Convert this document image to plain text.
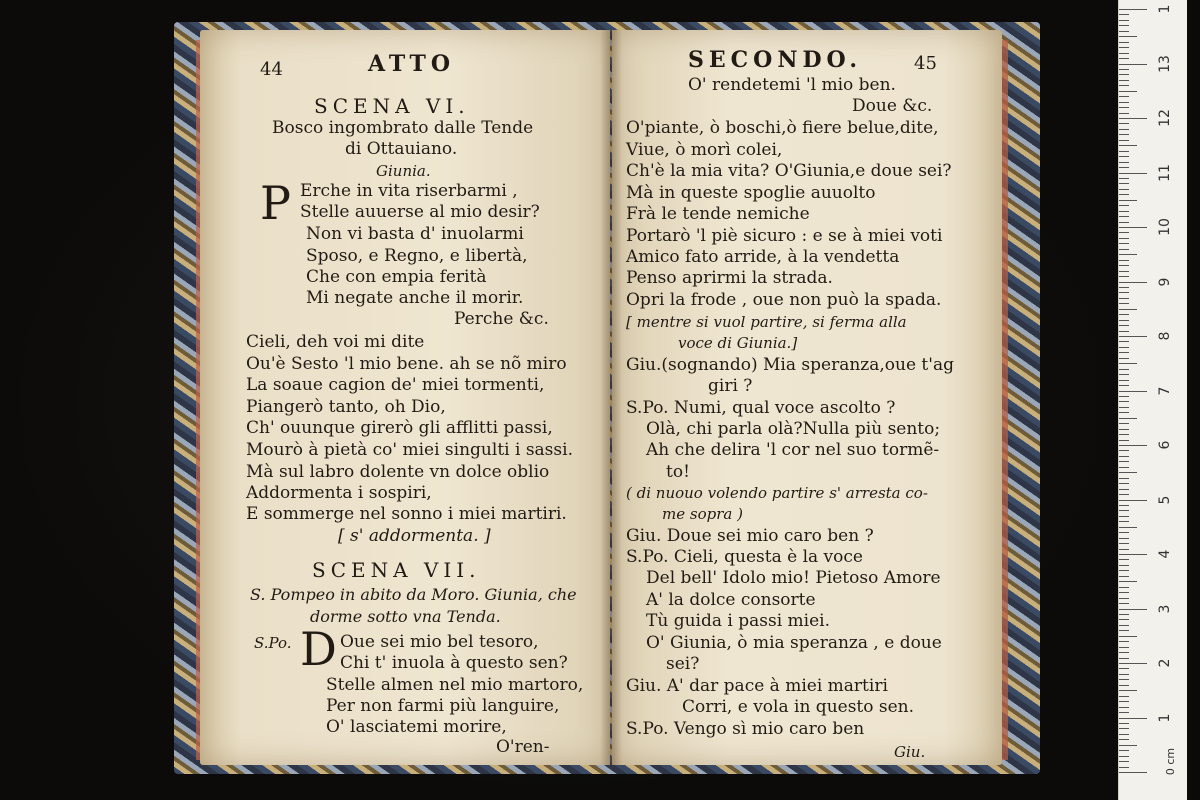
44	ATTO
SCENA VI.
Bosco ingombrato dalle Tende
di Ottauiano.
Giunia.
P Erche in vita riserbarmi ,
Stelle auuerse al mio desir?
Non vi basta d' inuolarmi
Sposo, e Regno, e libertà,
Che con empia ferità
Mi negate anche il morir.
Perche &c.
Cieli, deh voi mi dite
Ou'è Sesto 'l mio bene. ah se nõ miro
La soaue cagion de' miei tormenti,
Piangerò tanto, oh Dio,
Ch' ouunque girerò gli afflitti passi,
Mourò à pietà co' miei singulti i sassi.
Mà sul labro dolente vn dolce oblio
Addormenta i sospiri,
E sommerge nel sonno i miei martiri.
[ s' addormenta. ]
SCENA VII.
S. Pompeo in abito da Moro. Giunia, che
dorme sotto vna Tenda.
S.Po. D Oue sei mio bel tesoro,
Chi t' inuola à questo sen?
Stelle almen nel mio martoro,
Per non farmi più languire,
O' lasciatemi morire,
O'ren-
SECONDO.	45
O' rendetemi 'l mio ben.
Doue &c.
O'piante, ò boschi,ò fiere belue,dite,
Viue, ò morì colei,
Ch'è la mia vita? O'Giunia,e doue sei?
Mà in queste spoglie auuolto
Frà le tende nemiche
Portarò 'l piè sicuro : e se à miei voti
Amico fato arride, à la vendetta
Penso aprirmi la strada.
Opri la frode , oue non può la spada.
[ mentre si vuol partire, si ferma alla
voce di Giunia.]
Giu.(sognando) Mia speranza,oue t'ag
giri ?
S.Po. Numi, qual voce ascolto ?
Olà, chi parla olà?Nulla più sento;
Ah che delira 'l cor nel suo tormẽ-
to!
( di nuouo volendo partire s' arresta co-
me sopra )
Giu. Doue sei mio caro ben ?
S.Po. Cieli, questa è la voce
Del bell' Idolo mio! Pietoso Amore
A' la dolce consorte
Tù guida i passi miei.
O' Giunia, ò mia speranza , e doue
sei?
Giu. A' dar pace à miei martiri
Corri, e vola in questo sen.
S.Po. Vengo sì mio caro ben
Giu.	0 cm
1
2
3
4
5
6
7
8
9
10
11
12
13
1
